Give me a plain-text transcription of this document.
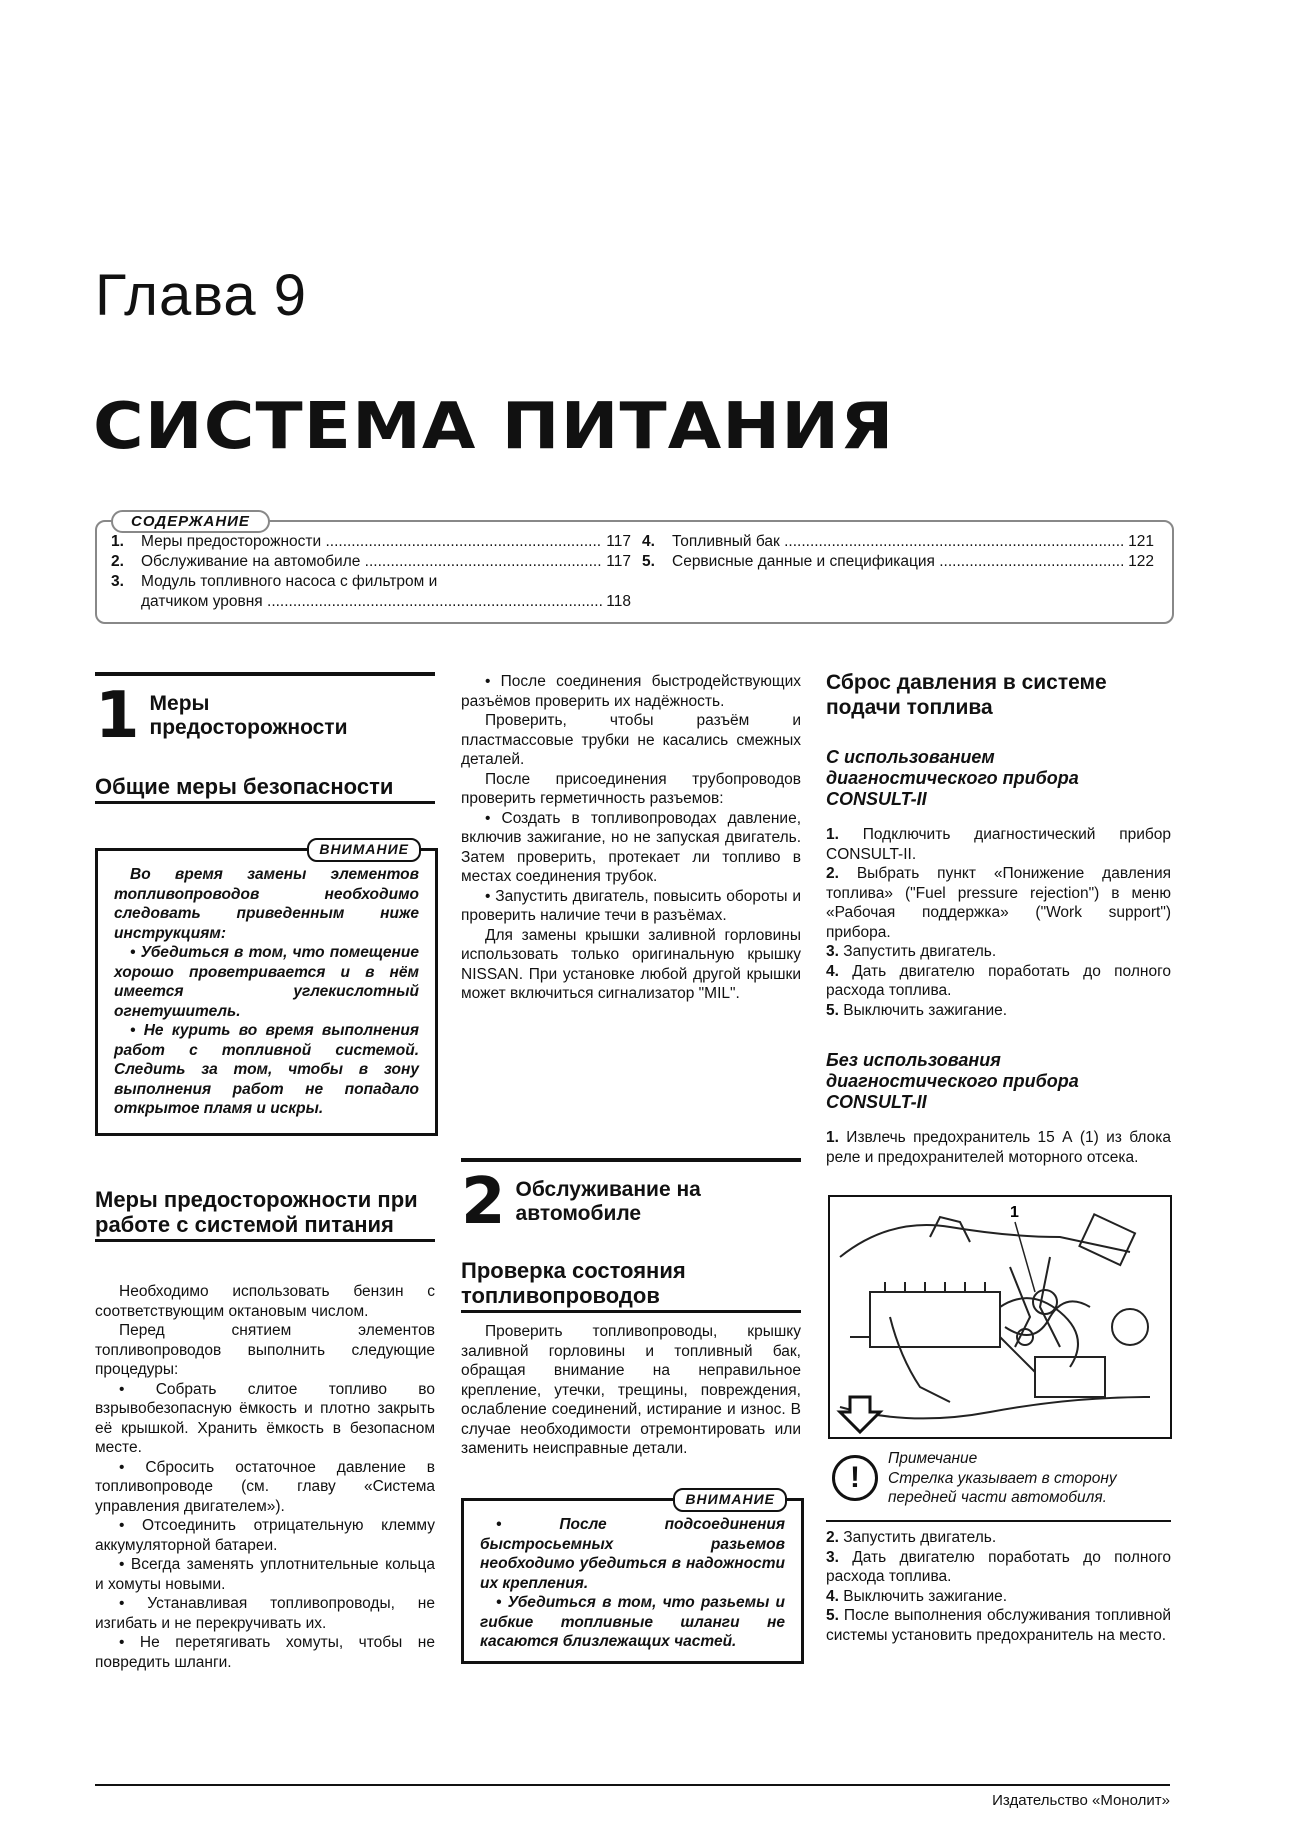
Глава 9
СИСТЕМА ПИТАНИЯ
СОДЕРЖАНИЕ
1.	Меры предосторожности .....	117
2.	Обслуживание на автомобиле .....	117
3.	Модуль топливного насоса с фильтром и
датчиком уровня .....	118
4.	Топливный бак .....	121
5.	Сервисные данные и спецификация .....	122
1 Меры предосторожности
Общие меры безопасности
ВНИМАНИЕ

Во время замены элементов топливопроводов необходимо следовать приведенным ниже инструкциям:

• Убедиться в том, что помещение хорошо проветривается и в нём имеется углекислотный огнетушитель.

• Не курить во время выполнения работ с топливной системой. Следить за том, чтобы в зону выполнения работ не попадало открытое пламя и искры.

Меры предосторожности при работе с системой питания

Необходимо использовать бензин с соответствующим октановым числом.

Перед снятием элементов топливопроводов выполнить следующие процедуры:

• Собрать слитое топливо во взрывобезопасную ёмкость и плотно закрыть её крышкой. Хранить ёмкость в безопасном месте.

• Сбросить остаточное давление в топливопроводе (см. главу «Система управления двигателем»).

• Отсоединить отрицательную клемму аккумуляторной батареи.

• Всегда заменять уплотнительные кольца и хомуты новыми.

• Устанавливая топливопроводы, не изгибать и не перекручивать их.

• Не перетягивать хомуты, чтобы не повредить шланги.

• После соединения быстродействующих разъёмов проверить их надёжность.

Проверить, чтобы разъём и пластмассовые трубки не касались смежных деталей.

После присоединения трубопроводов проверить герметичность разъемов:

• Создать в топливопроводах давление, включив зажигание, но не запуская двигатель. Затем проверить, протекает ли топливо в местах соединения трубок.

• Запустить двигатель, повысить обороты и проверить наличие течи в разъёмах.

Для замены крышки заливной горловины использовать только оригинальную крышку NISSAN. При установке любой другой крышки может включиться сигнализатор "MIL".

2 Обслуживание на автомобиле
Проверка состояния топливопроводов

Проверить топливопроводы, крышку заливной горловины и топливный бак, обращая внимание на неправильное крепление, утечки, трещины, повреждения, ослабление соединений, истирание и износ. В случае необходимости отремонтировать или заменить неисправные детали.

ВНИМАНИЕ

• После подсоединения быстросьемных разьемов необходимо убедиться в надожности их крепления.

• Убедиться в том, что разьемы и гибкие топливные шланги не касаются близлежащих частей.

Сброс давления в системе подачи топлива
С использованием диагностического прибора CONSULT-II
1. Подключить диагностический прибор CONSULT-II.
2. Выбрать пункт «Понижение давления топлива» ("Fuel pressure rejection") в меню «Рабочая поддержка» ("Work support") прибора.
3. Запустить двигатель.
4. Дать двигателю поработать до полного расхода топлива.
5. Выключить зажигание.
Без использования диагностического прибора CONSULT-II
1. Извлечь предохранитель 15 А (1) из блока реле и предохранителей моторного отсека.
1
!
Примечание
Стрелка указывает в сторону передней части автомобиля.
2. Запустить двигатель.
3. Дать двигателю поработать до полного расхода топлива.
4. Выключить зажигание.
5. После выполнения обслуживания топливной системы установить предохранитель на место.
Издательство «Монолит»
